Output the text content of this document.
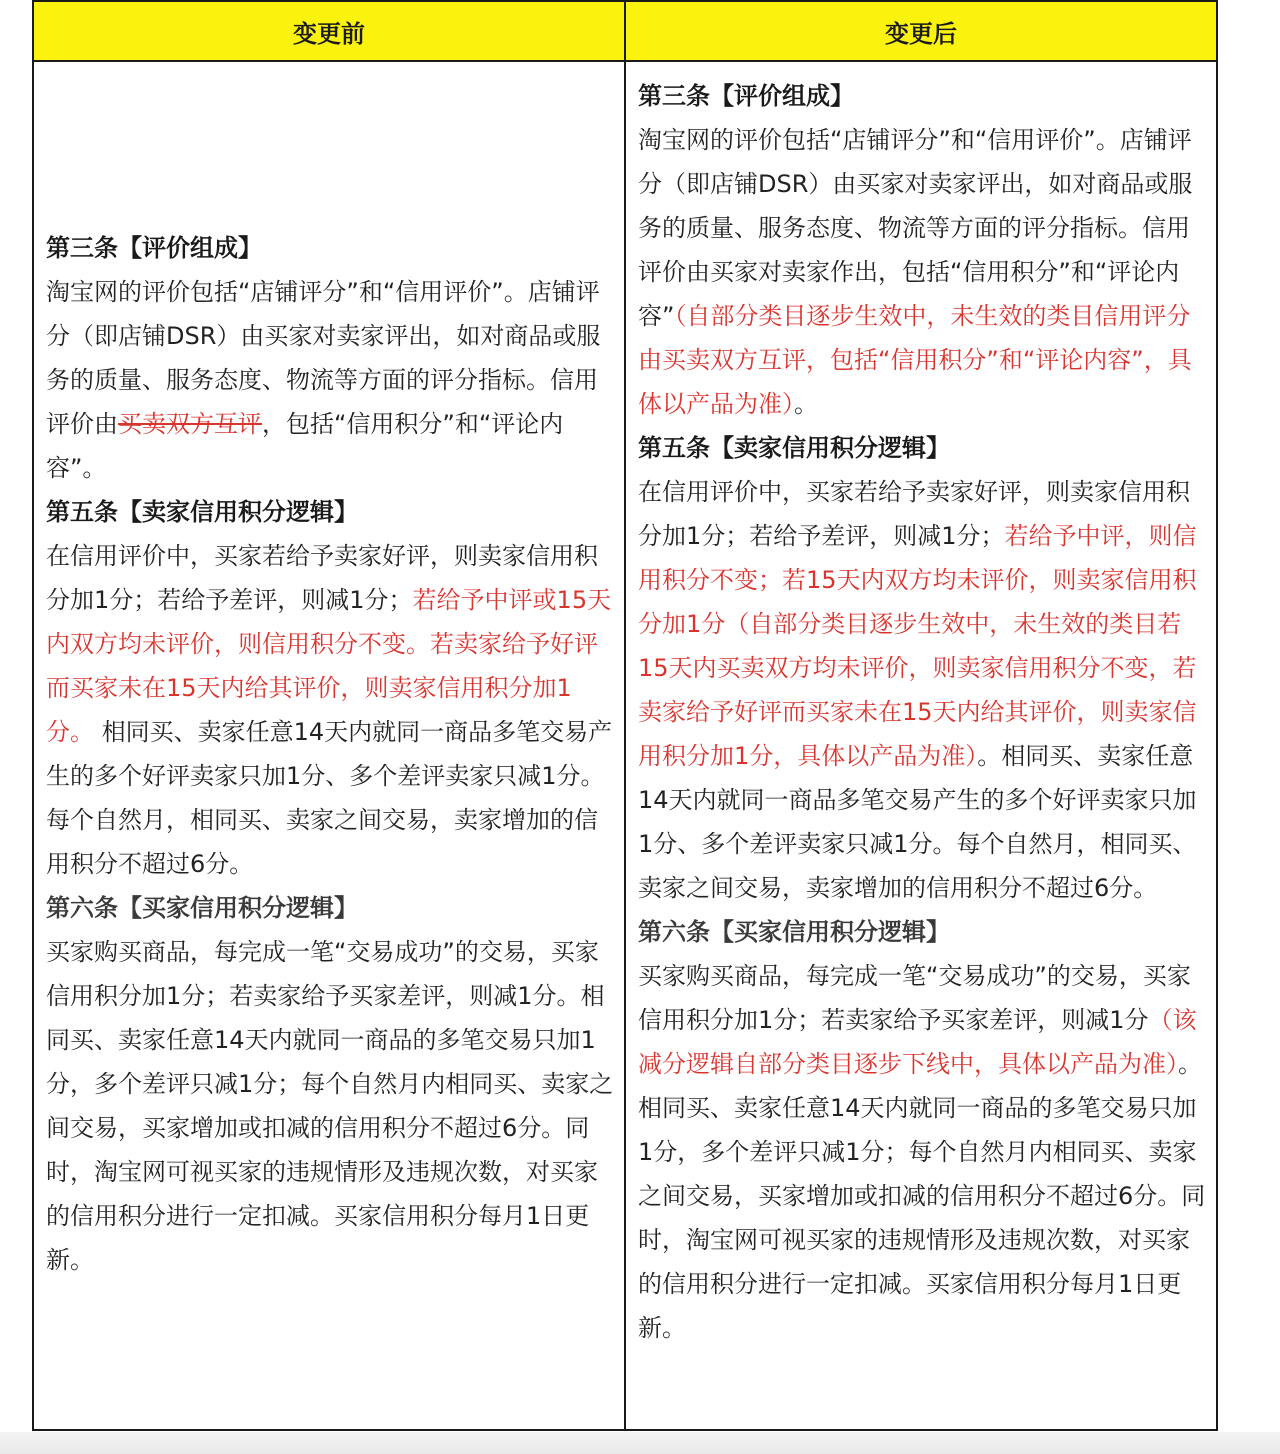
变更前	变更后

第三条【评价组成】

淘宝网的评价包括“店铺评分”和“信用评价”。店铺评分（即店铺DSR）由买家对卖家评出，如对商品或服务的质量、服务态度、物流等方面的评分指标。信用评价由买卖双方互评，包括“信用积分”和“评论内容”。

第五条【卖家信用积分逻辑】

在信用评价中，买家若给予卖家好评，则卖家信用积分加1分；若给予差评，则减1分；若给予中评或15天内双方均未评价，则信用积分不变。若卖家给予好评而买家未在15天内给其评价，则卖家信用积分加1分。 相同买、卖家任意14天内就同一商品多笔交易产生的多个好评卖家只加1分、多个差评卖家只减1分。每个自然月，相同买、卖家之间交易，卖家增加的信用积分不超过6分。

第六条【买家信用积分逻辑】

买家购买商品，每完成一笔“交易成功”的交易，买家信用积分加1分；若卖家给予买家差评，则减1分。相同买、卖家任意14天内就同一商品的多笔交易只加1分，多个差评只减1分；每个自然月内相同买、卖家之间交易，买家增加或扣减的信用积分不超过6分。同时，淘宝网可视买家的违规情形及违规次数，对买家的信用积分进行一定扣减。买家信用积分每月1日更新。

第三条【评价组成】

淘宝网的评价包括“店铺评分”和“信用评价”。店铺评分（即店铺DSR）由买家对卖家评出，如对商品或服务的质量、服务态度、物流等方面的评分指标。信用评价由买家对卖家作出，包括“信用积分”和“评论内容”（自部分类目逐步生效中，未生效的类目信用评分由买卖双方互评，包括“信用积分”和“评论内容”，具体以产品为准）。

第五条【卖家信用积分逻辑】

在信用评价中，买家若给予卖家好评，则卖家信用积分加1分；若给予差评，则减1分；若给予中评，则信用积分不变；若15天内双方均未评价，则卖家信用积分加1分（自部分类目逐步生效中，未生效的类目若15天内买卖双方均未评价，则卖家信用积分不变，若卖家给予好评而买家未在15天内给其评价，则卖家信用积分加1分，具体以产品为准）。相同买、卖家任意14天内就同一商品多笔交易产生的多个好评卖家只加1分、多个差评卖家只减1分。每个自然月，相同买、卖家之间交易，卖家增加的信用积分不超过6分。

第六条【买家信用积分逻辑】

买家购买商品，每完成一笔“交易成功”的交易，买家信用积分加1分；若卖家给予买家差评，则减1分（该减分逻辑自部分类目逐步下线中，具体以产品为准）。相同买、卖家任意14天内就同一商品的多笔交易只加1分，多个差评只减1分；每个自然月内相同买、卖家之间交易，买家增加或扣减的信用积分不超过6分。同时，淘宝网可视买家的违规情形及违规次数，对买家的信用积分进行一定扣减。买家信用积分每月1日更新。
